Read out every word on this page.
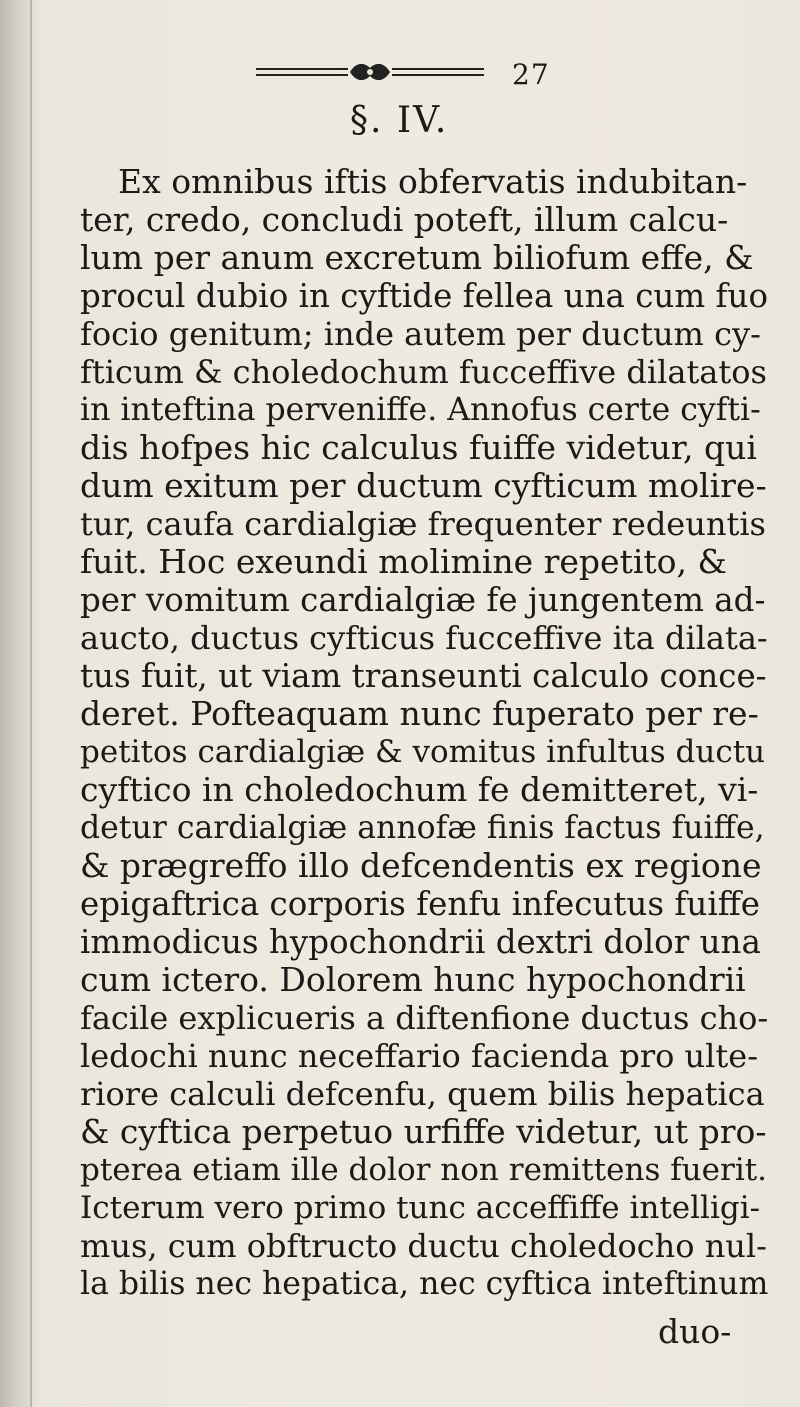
27
§. IV.
Ex omnibus iftis obfervatis indubitan-
ter, credo, concludi poteft, illum calcu-
lum per anum excretum biliofum effe, &
procul dubio in cyftide fellea una cum fuo
focio genitum; inde autem per ductum cy-
fticum & choledochum fucceffive dilatatos
in inteftina perveniffe. Annofus certe cyfti-
dis hofpes hic calculus fuiffe videtur, qui
dum exitum per ductum cyfticum molire-
tur, caufa cardialgiæ frequenter redeuntis
fuit. Hoc exeundi molimine repetito, &
per vomitum cardialgiæ fe jungentem ad-
aucto, ductus cyfticus fucceffive ita dilata-
tus fuit, ut viam transeunti calculo conce-
deret. Pofteaquam nunc fuperato per re-
petitos cardialgiæ & vomitus infultus ductu
cyftico in choledochum fe demitteret, vi-
detur cardialgiæ annofæ finis factus fuiffe,
& prægreffo illo defcendentis ex regione
epigaftrica corporis fenfu infecutus fuiffe
immodicus hypochondrii dextri dolor una
cum ictero. Dolorem hunc hypochondrii
facile explicueris a diftenfione ductus cho-
ledochi nunc neceffario facienda pro ulte-
riore calculi defcenfu, quem bilis hepatica
& cyftica perpetuo urfiffe videtur, ut pro-
pterea etiam ille dolor non remittens fuerit.
Icterum vero primo tunc acceffiffe intelligi-
mus, cum obftructo ductu choledocho nul-
la bilis nec hepatica, nec cyftica inteftinum
duo-
